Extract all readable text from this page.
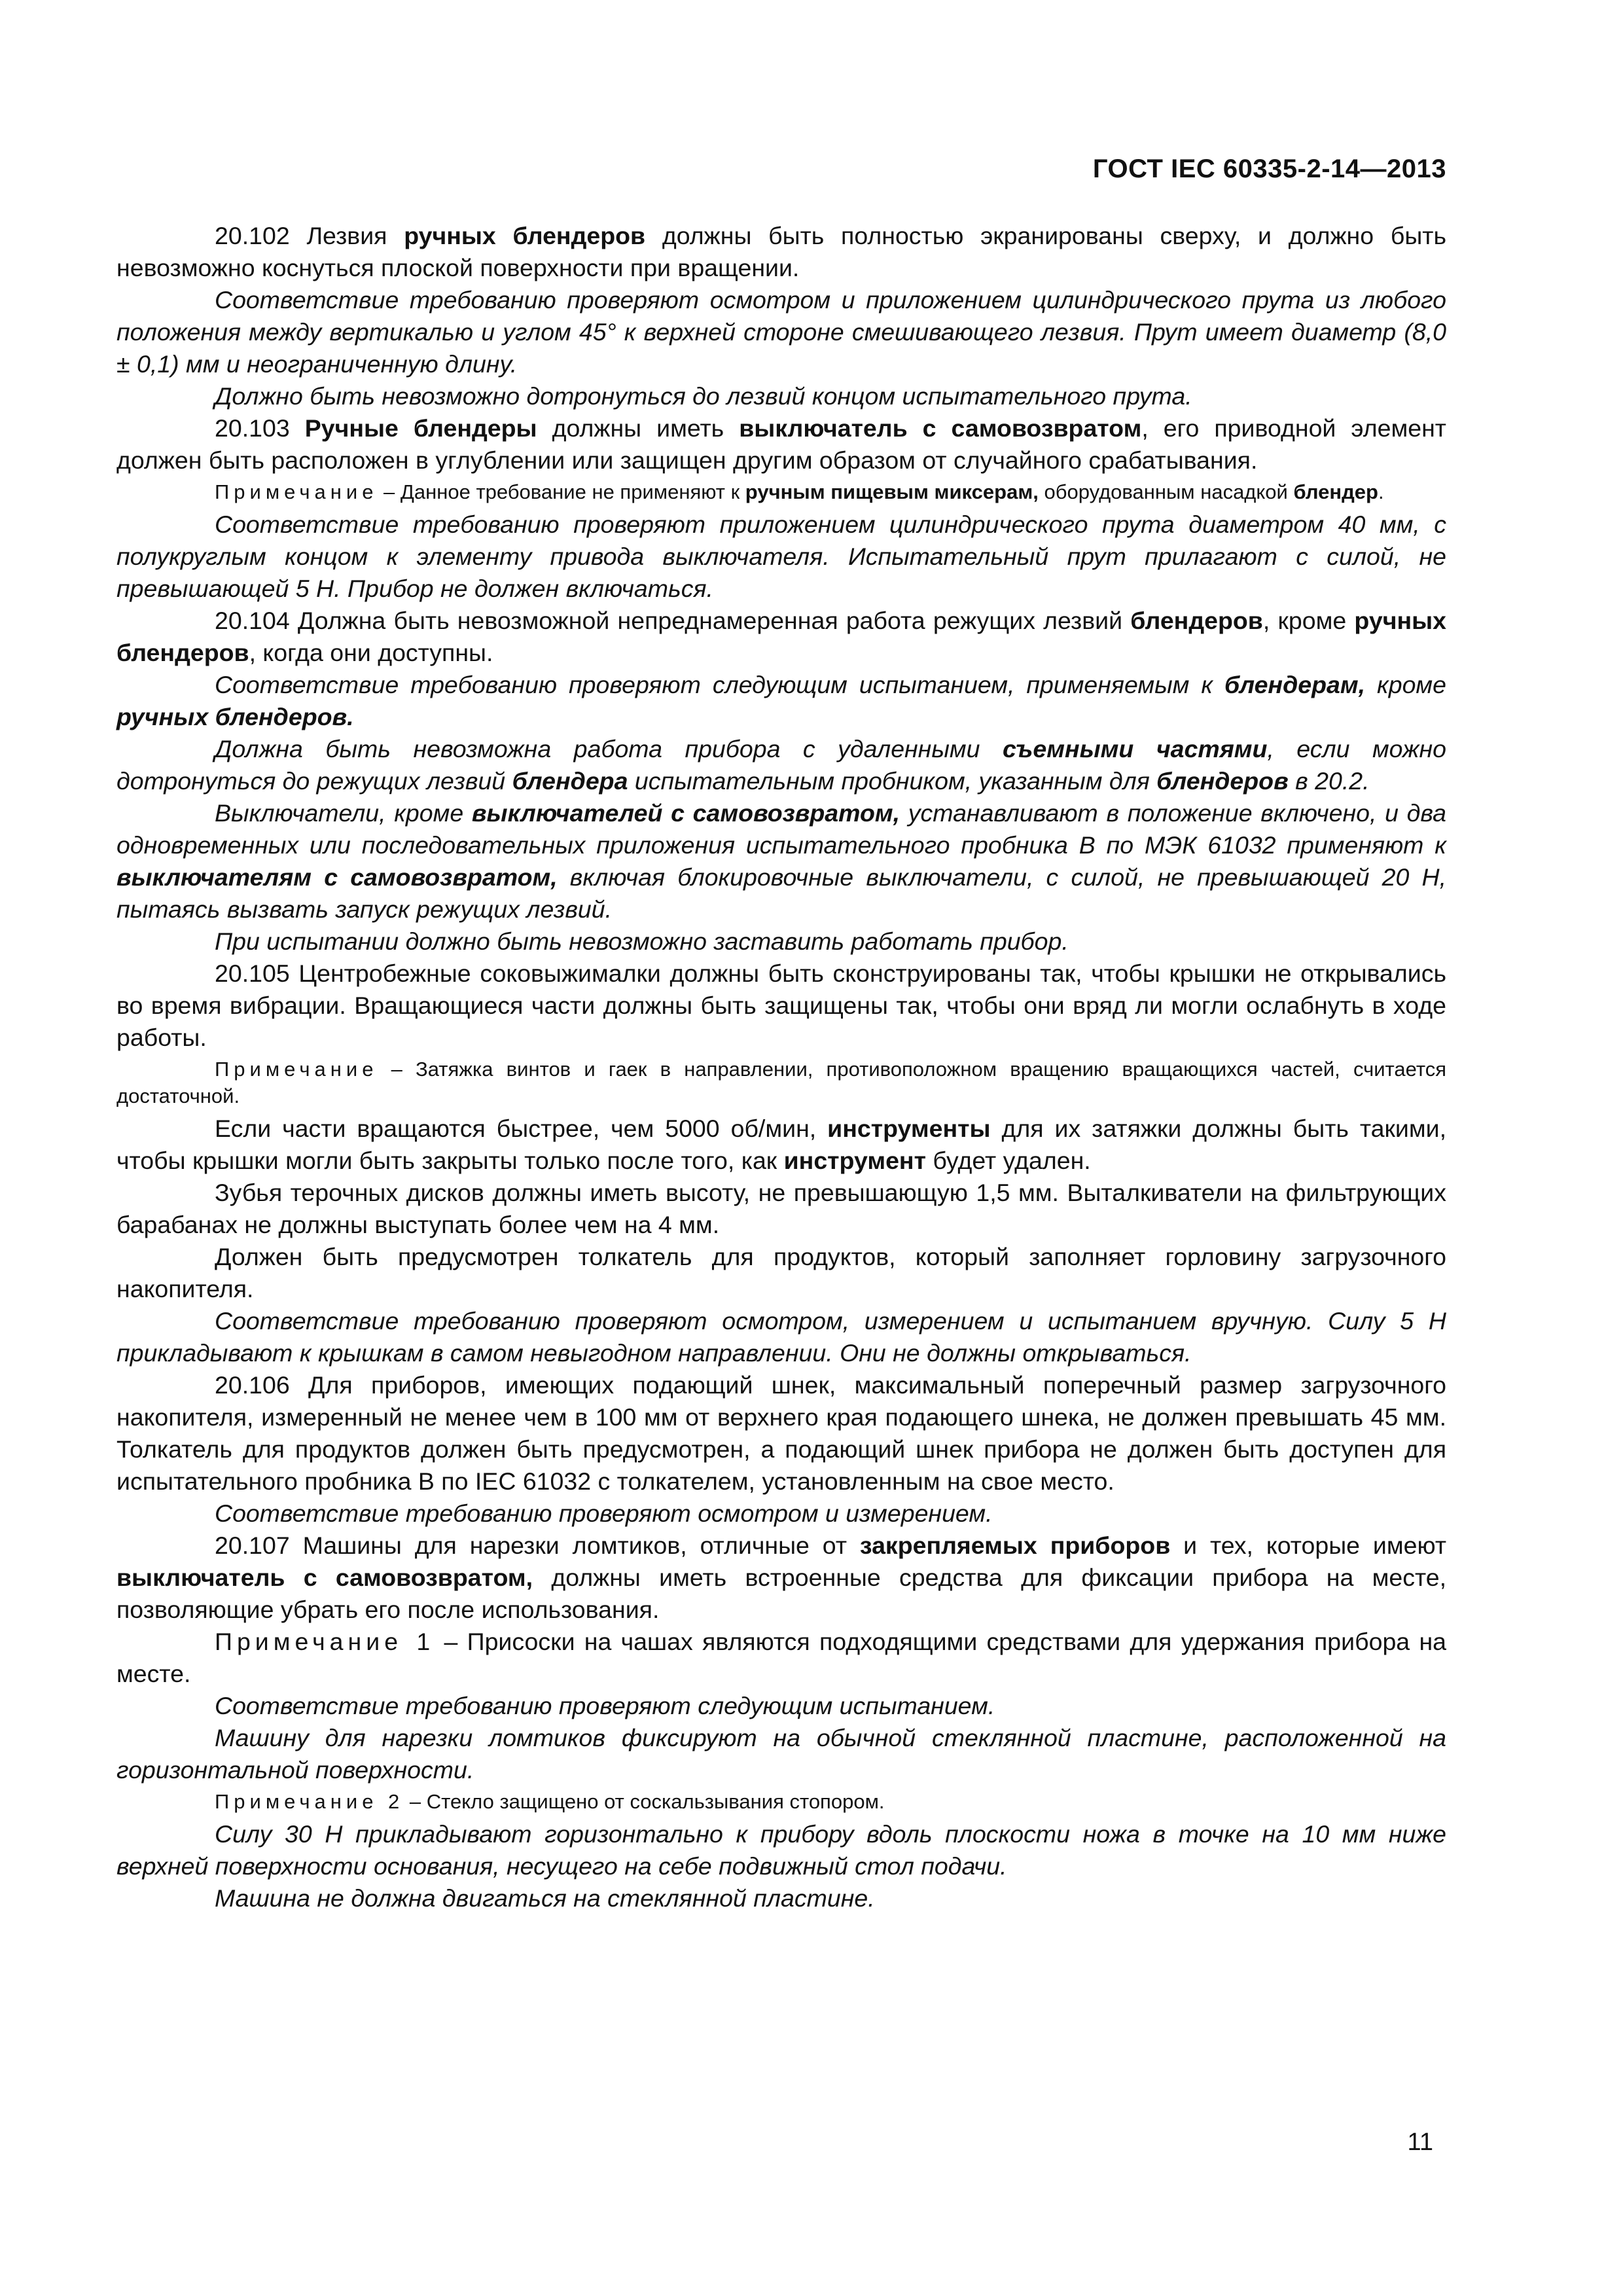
ГОСТ IEC 60335-2-14—2013

20.102 Лезвия ручных блендеров должны быть полностью экранированы сверху, и должно быть невозможно коснуться плоской поверхности при вращении.

Соответствие требованию проверяют осмотром и приложением цилиндрического прута из любого положения между вертикалью и углом 45° к верхней стороне смешивающего лезвия. Прут имеет диаметр (8,0 ± 0,1) мм и неограниченную длину.

Должно быть невозможно дотронуться до лезвий концом испытательного прута.

20.103 Ручные блендеры должны иметь выключатель с самовозвратом, его приводной элемент должен быть расположен в углублении или защищен другим образом от случайного срабатывания.

Примечание – Данное требование не применяют к ручным пищевым миксерам, оборудованным насадкой блендер.

Соответствие требованию проверяют приложением цилиндрического прута диаметром 40 мм, с полукруглым концом к элементу привода выключателя. Испытательный прут прилагают с силой, не превышающей 5 Н. Прибор не должен включаться.

20.104 Должна быть невозможной непреднамеренная работа режущих лезвий блендеров, кроме ручных блендеров, когда они доступны.

Соответствие требованию проверяют следующим испытанием, применяемым к блендерам, кроме ручных блендеров.

Должна быть невозможна работа прибора с удаленными съемными частями, если можно дотронуться до режущих лезвий блендера испытательным пробником, указанным для блендеров в 20.2.

Выключатели, кроме выключателей с самовозвратом, устанавливают в положение включено, и два одновременных или последовательных приложения испытательного пробника B по МЭК 61032 применяют к выключателям с самовозвратом, включая блокировочные выключатели, с силой, не превышающей 20 Н, пытаясь вызвать запуск режущих лезвий.

При испытании должно быть невозможно заставить работать прибор.

20.105 Центробежные соковыжималки должны быть сконструированы так, чтобы крышки не открывались во время вибрации. Вращающиеся части должны быть защищены так, чтобы они вряд ли могли ослабнуть в ходе работы.

Примечание – Затяжка винтов и гаек в направлении, противоположном вращению вращающихся частей, считается достаточной.

Если части вращаются быстрее, чем 5000 об/мин, инструменты для их затяжки должны быть такими, чтобы крышки могли быть закрыты только после того, как инструмент будет удален.

Зубья терочных дисков должны иметь высоту, не превышающую 1,5 мм. Выталкиватели на фильтрующих барабанах не должны выступать более чем на 4 мм.

Должен быть предусмотрен толкатель для продуктов, который заполняет горловину загрузочного накопителя.

Соответствие требованию проверяют осмотром, измерением и испытанием вручную. Силу 5 Н прикладывают к крышкам в самом невыгодном направлении. Они не должны открываться.

20.106 Для приборов, имеющих подающий шнек, максимальный поперечный размер загрузочного накопителя, измеренный не менее чем в 100 мм от верхнего края подающего шнека, не должен превышать 45 мм. Толкатель для продуктов должен быть предусмотрен, а подающий шнек прибора не должен быть доступен для испытательного пробника B по IEC 61032 с толкателем, установленным на свое место.

Соответствие требованию проверяют осмотром и измерением.

20.107 Машины для нарезки ломтиков, отличные от закрепляемых приборов и тех, которые имеют выключатель с самовозвратом, должны иметь встроенные средства для фиксации прибора на месте, позволяющие убрать его после использования.

Примечание 1 – Присоски на чашах являются подходящими средствами для удержания прибора на месте.

Соответствие требованию проверяют следующим испытанием.

Машину для нарезки ломтиков фиксируют на обычной стеклянной пластине, расположенной на горизонтальной поверхности.

Примечание 2 – Стекло защищено от соскальзывания стопором.

Силу 30 Н прикладывают горизонтально к прибору вдоль плоскости ножа в точке на 10 мм ниже верхней поверхности основания, несущего на себе подвижный стол подачи.

Машина не должна двигаться на стеклянной пластине.

11
